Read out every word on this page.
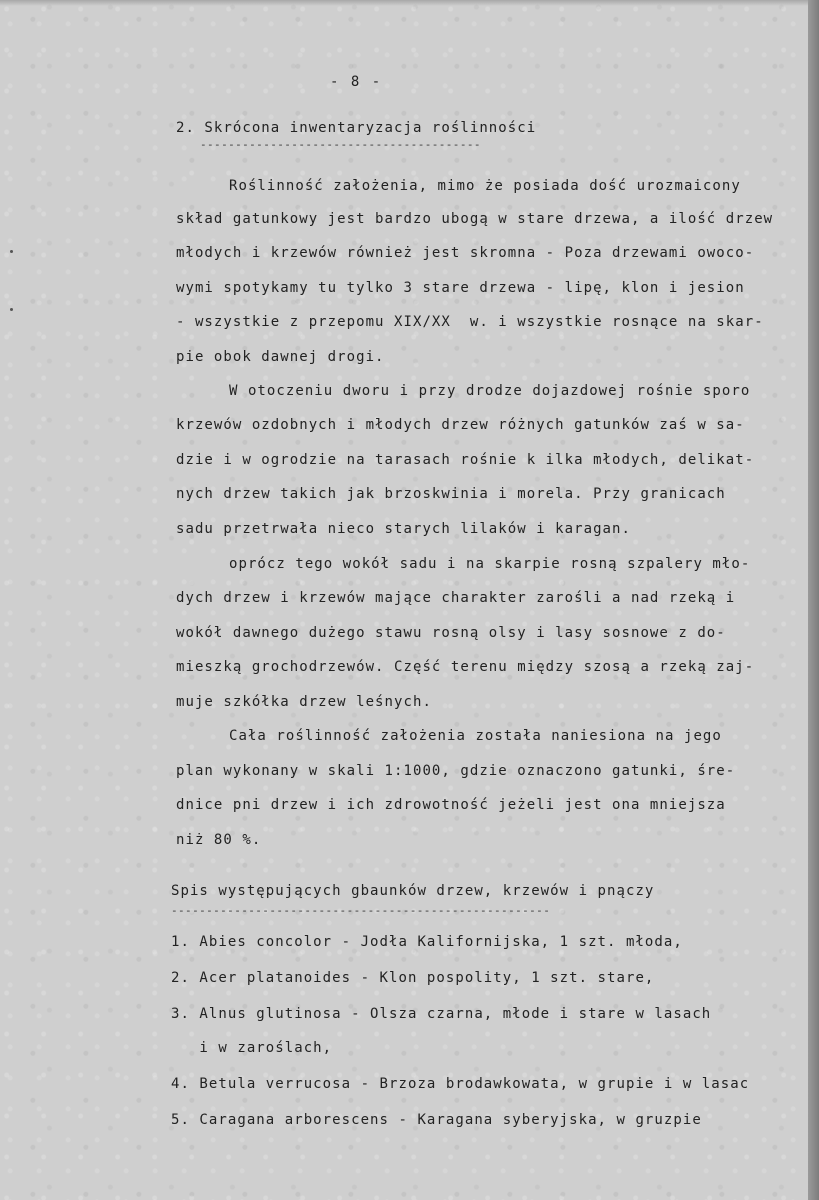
- 8 -
2. Skrócona inwentaryzacja roślinności
----------------------------------------
Roślinność założenia, mimo że posiada dość urozmaicony
skład gatunkowy jest bardzo ubogą w stare drzewa, a ilość drzew
młodych i krzewów również jest skromna - Poza drzewami owoco-
wymi spotykamy tu tylko 3 stare drzewa - lipę, klon i jesion
- wszystkie z przepomu XIX/XX  w. i wszystkie rosnące na skar-
pie obok dawnej drogi.
W otoczeniu dworu i przy drodze dojazdowej rośnie sporo
krzewów ozdobnych i młodych drzew różnych gatunków zaś w sa-
dzie i w ogrodzie na tarasach rośnie k ilka młodych, delikat-
nych drzew takich jak brzoskwinia i morela. Przy granicach
sadu przetrwała nieco starych lilaków i karagan.
oprócz tego wokół sadu i na skarpie rosną szpalery mło-
dych drzew i krzewów mające charakter zarośli a nad rzeką i
wokół dawnego dużego stawu rosną olsy i lasy sosnowe z do-
mieszką grochodrzewów. Część terenu między szosą a rzeką zaj-
muje szkółka drzew leśnych.
Cała roślinność założenia została naniesiona na jego
plan wykonany w skali 1:1000, gdzie oznaczono gatunki, śre-
dnice pni drzew i ich zdrowotność jeżeli jest ona mniejsza
niż 80 %.
Spis występujących gbaunków drzew, krzewów i pnączy
------------------------------------------------------
1. Abies concolor - Jodła Kalifornijska, 1 szt. młoda,
2. Acer platanoides - Klon pospolity, 1 szt. stare,
3. Alnus glutinosa - Olsza czarna, młode i stare w lasach
i w zaroślach,
4. Betula verrucosa - Brzoza brodawkowata, w grupie i w lasac
5. Caragana arborescens - Karagana syberyjska, w gruzpie
